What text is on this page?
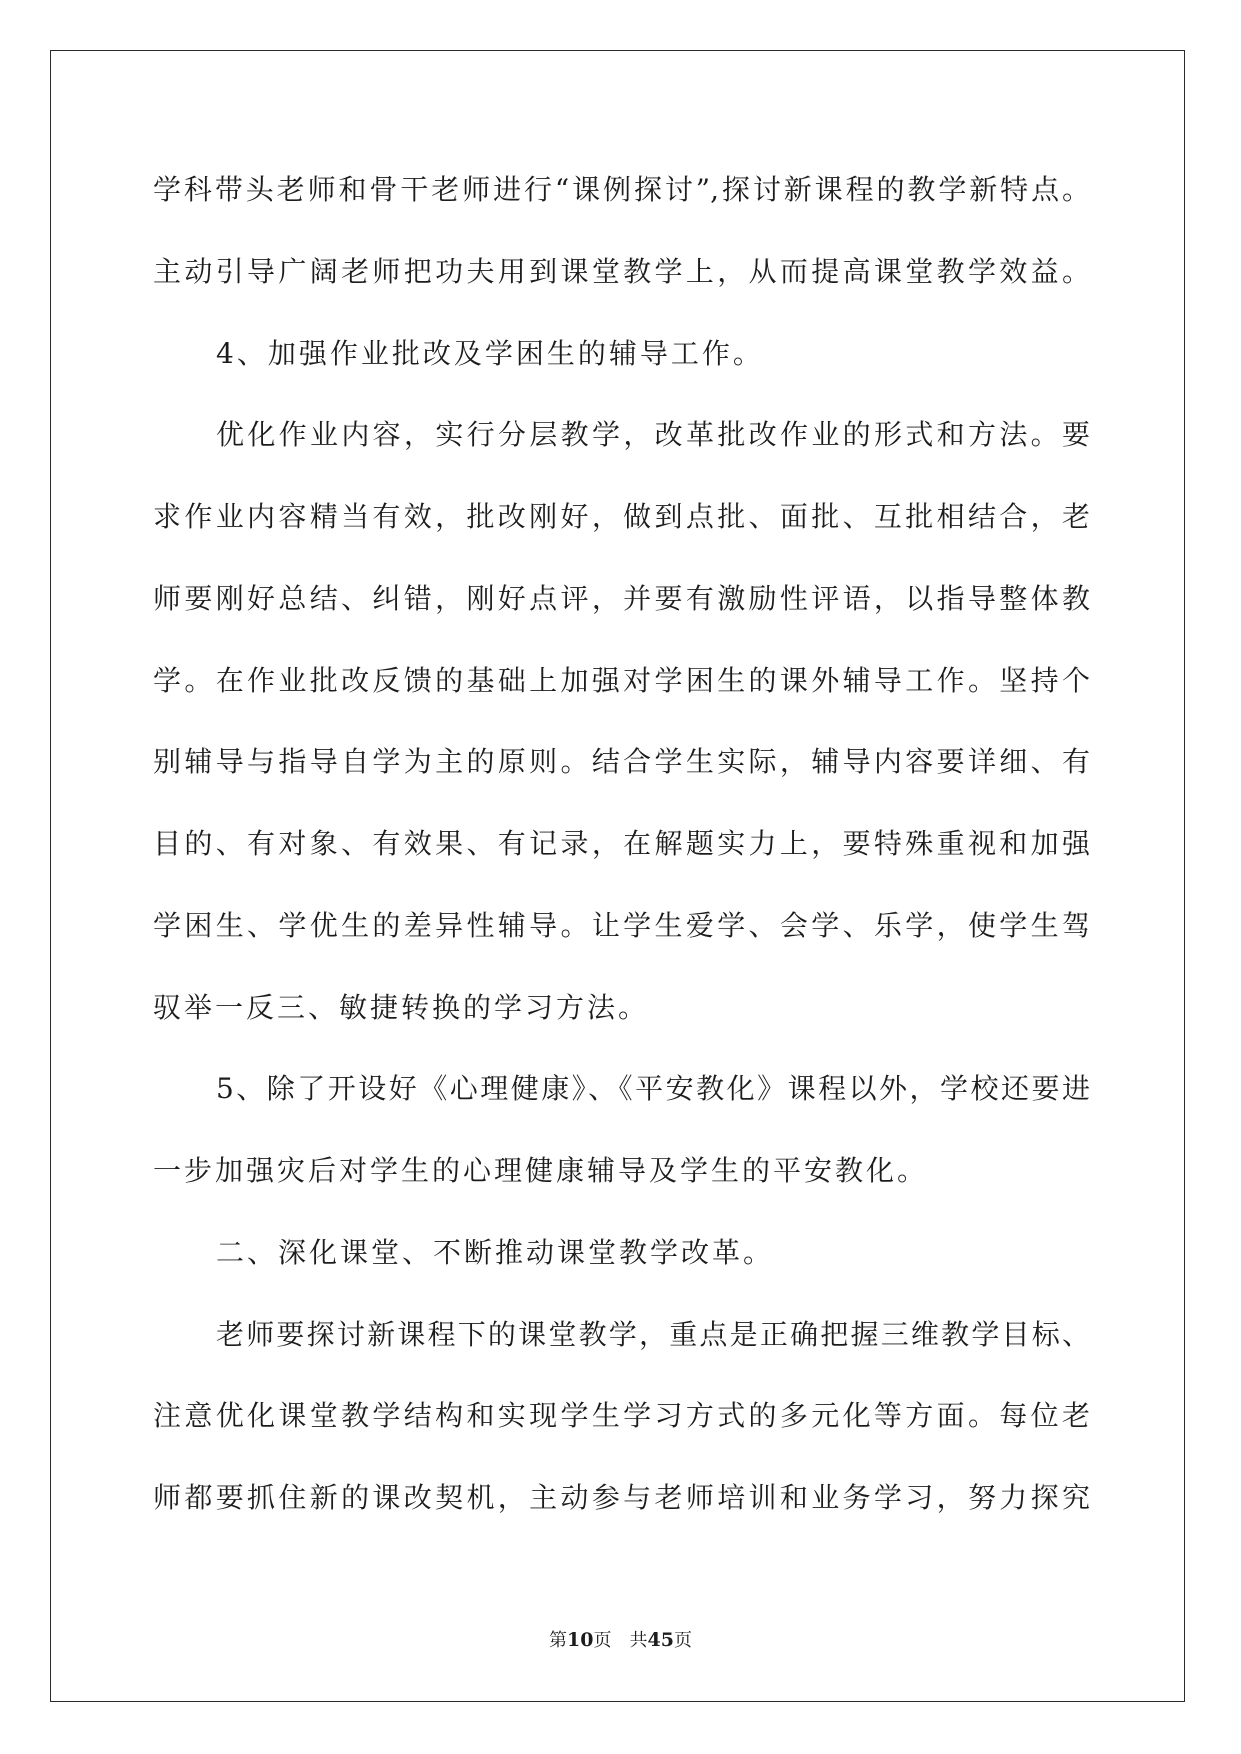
学科带头老师和骨干老师进行“课例探讨”,探讨新课程的教学新特点。
主动引导广阔老师把功夫用到课堂教学上，从而提高课堂教学效益。
4、加强作业批改及学困生的辅导工作。
优化作业内容，实行分层教学，改革批改作业的形式和方法。要
求作业内容精当有效，批改刚好，做到点批、面批、互批相结合，老
师要刚好总结、纠错，刚好点评，并要有激励性评语，以指导整体教
学。在作业批改反馈的基础上加强对学困生的课外辅导工作。坚持个
别辅导与指导自学为主的原则。结合学生实际，辅导内容要详细、有
目的、有对象、有效果、有记录，在解题实力上，要特殊重视和加强
学困生、学优生的差异性辅导。让学生爱学、会学、乐学，使学生驾
驭举一反三、敏捷转换的学习方法。
5、除了开设好《心理健康》、《平安教化》课程以外，学校还要进
一步加强灾后对学生的心理健康辅导及学生的平安教化。
二、深化课堂、不断推动课堂教学改革。
老师要探讨新课程下的课堂教学，重点是正确把握三维教学目标、
注意优化课堂教学结构和实现学生学习方式的多元化等方面。每位老
师都要抓住新的课改契机，主动参与老师培训和业务学习，努力探究
第10页 共45页
